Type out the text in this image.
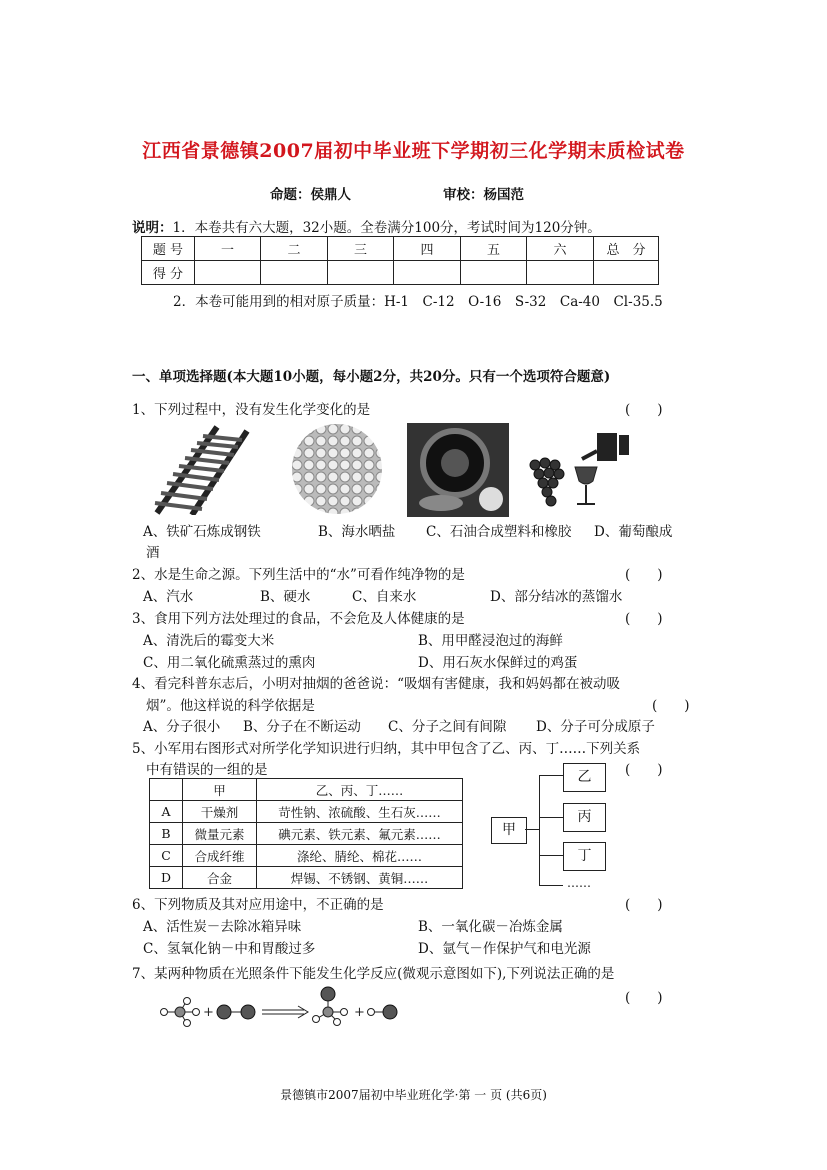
江西省景德镇2007届初中毕业班下学期初三化学期末质检试卷
命题：侯鼎人	审校：杨国范
说明：1．本卷共有六大题，32小题。全卷满分100分，考试时间为120分钟。
题 号	一	二	三	四	五	六	总　分
得 分							
2．本卷可能用到的相对原子质量：H-1　C-12　O-16　S-32　Ca-40　Cl-35.5
一、单项选择题(本大题10小题，每小题2分，共20分。只有一个选项符合题意)
1、下列过程中，没有发生化学变化的是	(　　)
A、铁矿石炼成钢铁	B、海水晒盐 C、石油合成塑料和橡胶 D、葡萄酿成
酒
2、水是生命之源。下列生活中的“水”可看作纯净物的是	(　　)
A、汽水	B、硬水	C、自来水	D、部分结冰的蒸馏水
3、食用下列方法处理过的食品，不会危及人体健康的是	(　　)
A、清洗后的霉变大米	B、用甲醛浸泡过的海鲜
C、用二氧化硫熏蒸过的熏肉	D、用石灰水保鲜过的鸡蛋
4、看完科普东志后，小明对抽烟的爸爸说：“吸烟有害健康，我和妈妈都在被动吸
烟”。他这样说的科学依据是	(　　)
A、分子很小 B、分子在不断运动 C、分子之间有间隙 D、分子可分成原子
5、小军用右图形式对所学化学知识进行归纳，其中甲包含了乙、丙、丁……下列关系
中有错误的一组的是	(　　)
	甲	乙、丙、丁……
A	干燥剂	苛性钠、浓硫酸、生石灰……
B	微量元素	碘元素、铁元素、氟元素……
C	合成纤维	涤纶、腈纶、棉花……
D	合金	焊锡、不锈钢、黄铜……
甲
乙
丙
丁
……
6、下列物质及其对应用途中，不正确的是	(　　)
A、活性炭－去除冰箱异味	B、一氧化碳－冶炼金属
C、氢氧化钠－中和胃酸过多	D、氩气－作保护气和电光源
7、某两种物质在光照条件下能发生化学反应(微观示意图如下),下列说法正确的是
(　　)
+	+
景德镇市2007届初中毕业班化学·第 一 页 (共6页)
